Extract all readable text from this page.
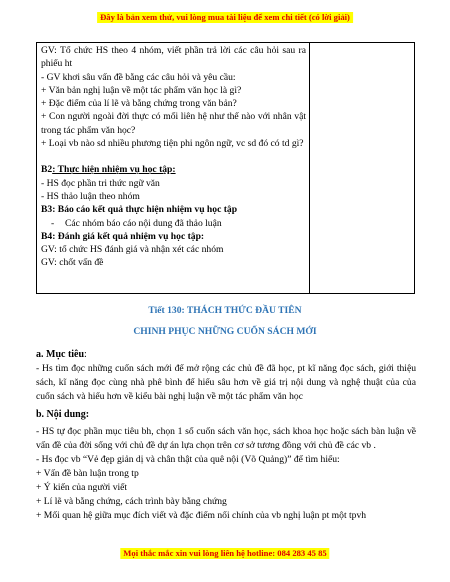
Đây là bản xem thử, vui lòng mua tài liệu để xem chi tiết (có lời giải)
GV: Tổ chức HS theo 4 nhóm, viết phần trả lời các câu hỏi sau ra phiếu ht
- GV khơi sâu vấn đề bằng các câu hỏi và yêu cầu:
+ Văn bản nghị luận về một tác phẩm văn học là gì?
+ Đặc điểm của lí lẽ và bằng chứng trong văn bản?
+ Con người ngoài đời thực có mối liên hệ như thế nào với nhân vật trong tác phẩm văn học?
+ Loại vb nào sd nhiều phương tiện phi ngôn ngữ, vc sd đó có td gì?
B2: Thực hiện nhiệm vụ học tập:
- HS đọc phần tri thức ngữ văn
- HS thảo luận theo nhóm
B3: Báo cáo kết quả thực hiện nhiệm vụ học tập
- Các nhóm báo cáo nội dung đã thảo luận
B4: Đánh giá kết quả nhiệm vụ học tập:
GV: tổ chức HS đánh giá và nhận xét các nhóm
GV: chốt vấn đề

Tiết 130: THÁCH THỨC ĐẦU TIÊN
CHINH PHỤC NHỮNG CUỐN SÁCH MỚI
a. Mục tiêu:
- Hs tìm đọc những cuốn sách mới để mở rộng các chủ đề đã học, pt kĩ năng đọc sách, giới thiệu sách, kĩ năng đọc cùng nhà phê bình để hiểu sâu hơn về giá trị nội dung và nghệ thuật của của cuốn sách và hiểu hơn về kiểu bài nghị luận về một tác phẩm văn học
b. Nội dung:
- HS tự đọc phần mục tiêu bh, chọn 1 số cuốn sách văn học, sách khoa học hoặc sách bàn luận về vấn đề của đời sống với chủ đề dự án lựa chọn trên cơ sở tương đồng với chủ đề các vb .
- Hs đọc vb “Vẻ đẹp giản dị và chân thật của quê nội (Võ Quảng)” để tìm hiểu:
+ Vấn đề bàn luận trong tp
+ Ý kiến của người viết
+ Lí lẽ và bằng chứng, cách trình bày bằng chứng
+ Mối quan hệ giữa mục đích viết và đặc điểm nổi chính của vb nghị luận pt một tpvh
Mọi thắc mắc xin vui lòng liên hệ hotline: 084 283 45 85
